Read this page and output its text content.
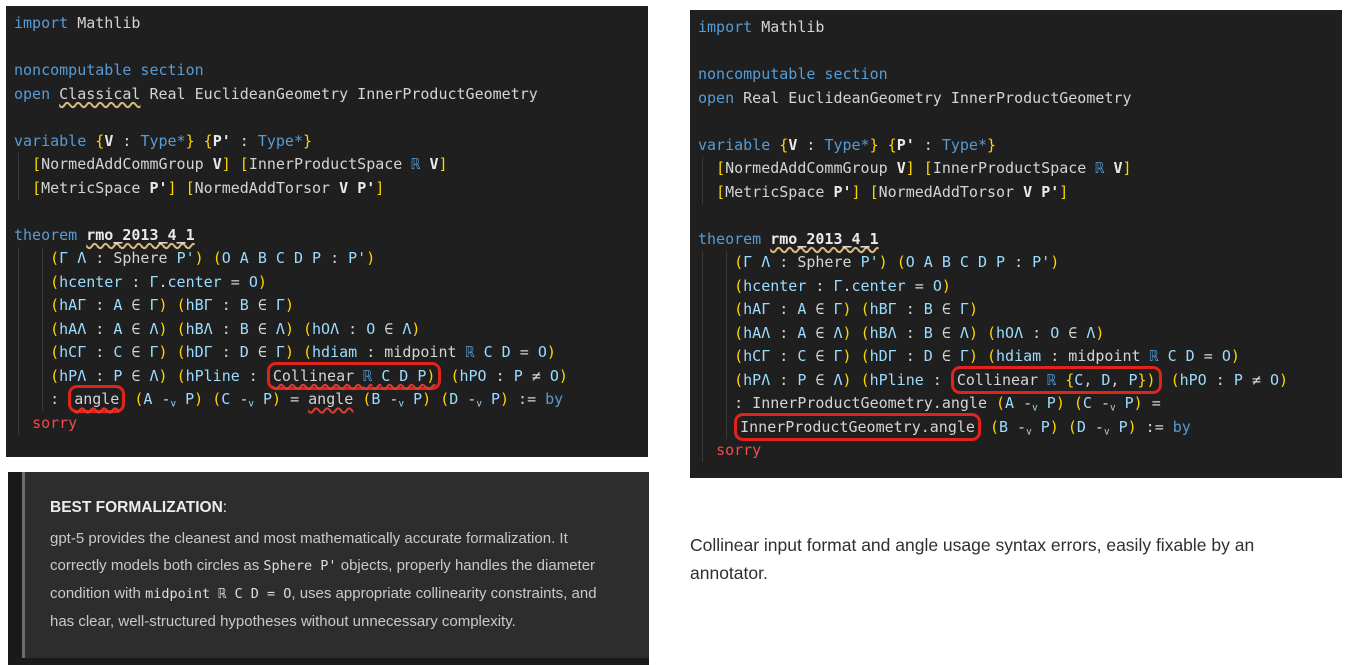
import Mathlib

noncomputable section
open Classical Real EuclideanGeometry InnerProductGeometry

variable {V : Type*} {P' : Type*}
[NormedAddCommGroup V] [InnerProductSpace ℝ V]
[MetricSpace P'] [NormedAddTorsor V P']

theorem rmo_2013_4_1
(Γ Λ : Sphere P') (O A B C D P : P')
(hcenter : Γ.center = O)
(hAΓ : A ∈ Γ) (hBΓ : B ∈ Γ)
(hAΛ : A ∈ Λ) (hBΛ : B ∈ Λ) (hOΛ : O ∈ Λ)
(hCΓ : C ∈ Γ) (hDΓ : D ∈ Γ) (hdiam : midpoint ℝ C D = O)
(hPΛ : P ∈ Λ) (hPline : Collinear ℝ C D P) (hPO : P ≠ O)
: angle (A -v P) (C -v P) = angle (B -v P) (D -v P) := by
sorry
import Mathlib

noncomputable section
open Real EuclideanGeometry InnerProductGeometry

variable {V : Type*} {P' : Type*}
[NormedAddCommGroup V] [InnerProductSpace ℝ V]
[MetricSpace P'] [NormedAddTorsor V P']

theorem rmo_2013_4_1
(Γ Λ : Sphere P') (O A B C D P : P')
(hcenter : Γ.center = O)
(hAΓ : A ∈ Γ) (hBΓ : B ∈ Γ)
(hAΛ : A ∈ Λ) (hBΛ : B ∈ Λ) (hOΛ : O ∈ Λ)
(hCΓ : C ∈ Γ) (hDΓ : D ∈ Γ) (hdiam : midpoint ℝ C D = O)
(hPΛ : P ∈ Λ) (hPline : Collinear ℝ {C, D, P}) (hPO : P ≠ O)
: InnerProductGeometry.angle (A -v P) (C -v P) =
InnerProductGeometry.angle (B -v P) (D -v P) := by
sorry
BEST FORMALIZATION:
gpt-5 provides the cleanest and most mathematically accurate formalization. It correctly models both circles as Sphere P' objects, properly handles the diameter condition with midpoint ℝ C D = O, uses appropriate collinearity constraints, and has clear, well-structured hypotheses without unnecessary complexity.
Collinear input format and angle usage syntax errors, easily fixable by an annotator.
